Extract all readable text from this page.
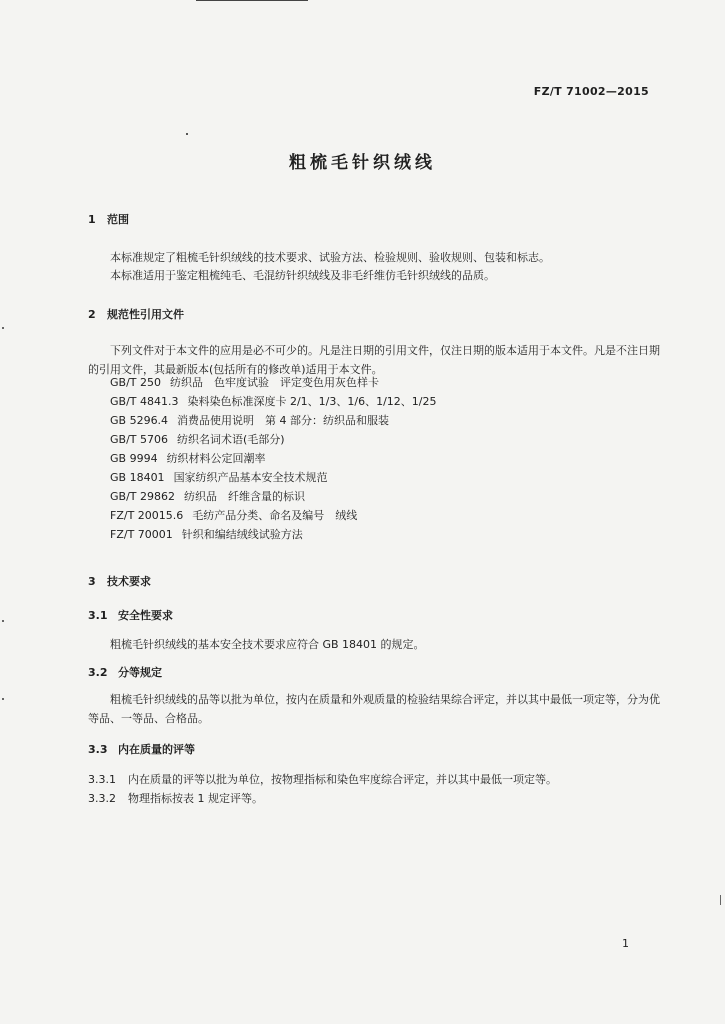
FZ/T 71002—2015
粗梳毛针织绒线
1 范围
本标准规定了粗梳毛针织绒线的技术要求、试验方法、检验规则、验收规则、包装和标志。
本标准适用于鉴定粗梳纯毛、毛混纺针织绒线及非毛纤维仿毛针织绒线的品质。
2 规范性引用文件
下列文件对于本文件的应用是必不可少的。凡是注日期的引用文件，仅注日期的版本适用于本文件。凡是不注日期的引用文件，其最新版本(包括所有的修改单)适用于本文件。
GB/T 250 纺织品　色牢度试验　评定变色用灰色样卡
GB/T 4841.3 染料染色标准深度卡 2/1、1/3、1/6、1/12、1/25
GB 5296.4 消费品使用说明　第 4 部分：纺织品和服装
GB/T 5706 纺织名词术语(毛部分)
GB 9994 纺织材料公定回潮率
GB 18401 国家纺织产品基本安全技术规范
GB/T 29862 纺织品　纤维含量的标识
FZ/T 20015.6 毛纺产品分类、命名及编号　绒线
FZ/T 70001 针织和编结绒线试验方法
3 技术要求
3.1 安全性要求
粗梳毛针织绒线的基本安全技术要求应符合 GB 18401 的规定。
3.2 分等规定
粗梳毛针织绒线的品等以批为单位，按内在质量和外观质量的检验结果综合评定，并以其中最低一项定等，分为优等品、一等品、合格品。
3.3 内在质量的评等
3.3.1 内在质量的评等以批为单位，按物理指标和染色牢度综合评定，并以其中最低一项定等。
3.3.2 物理指标按表 1 规定评等。
1
